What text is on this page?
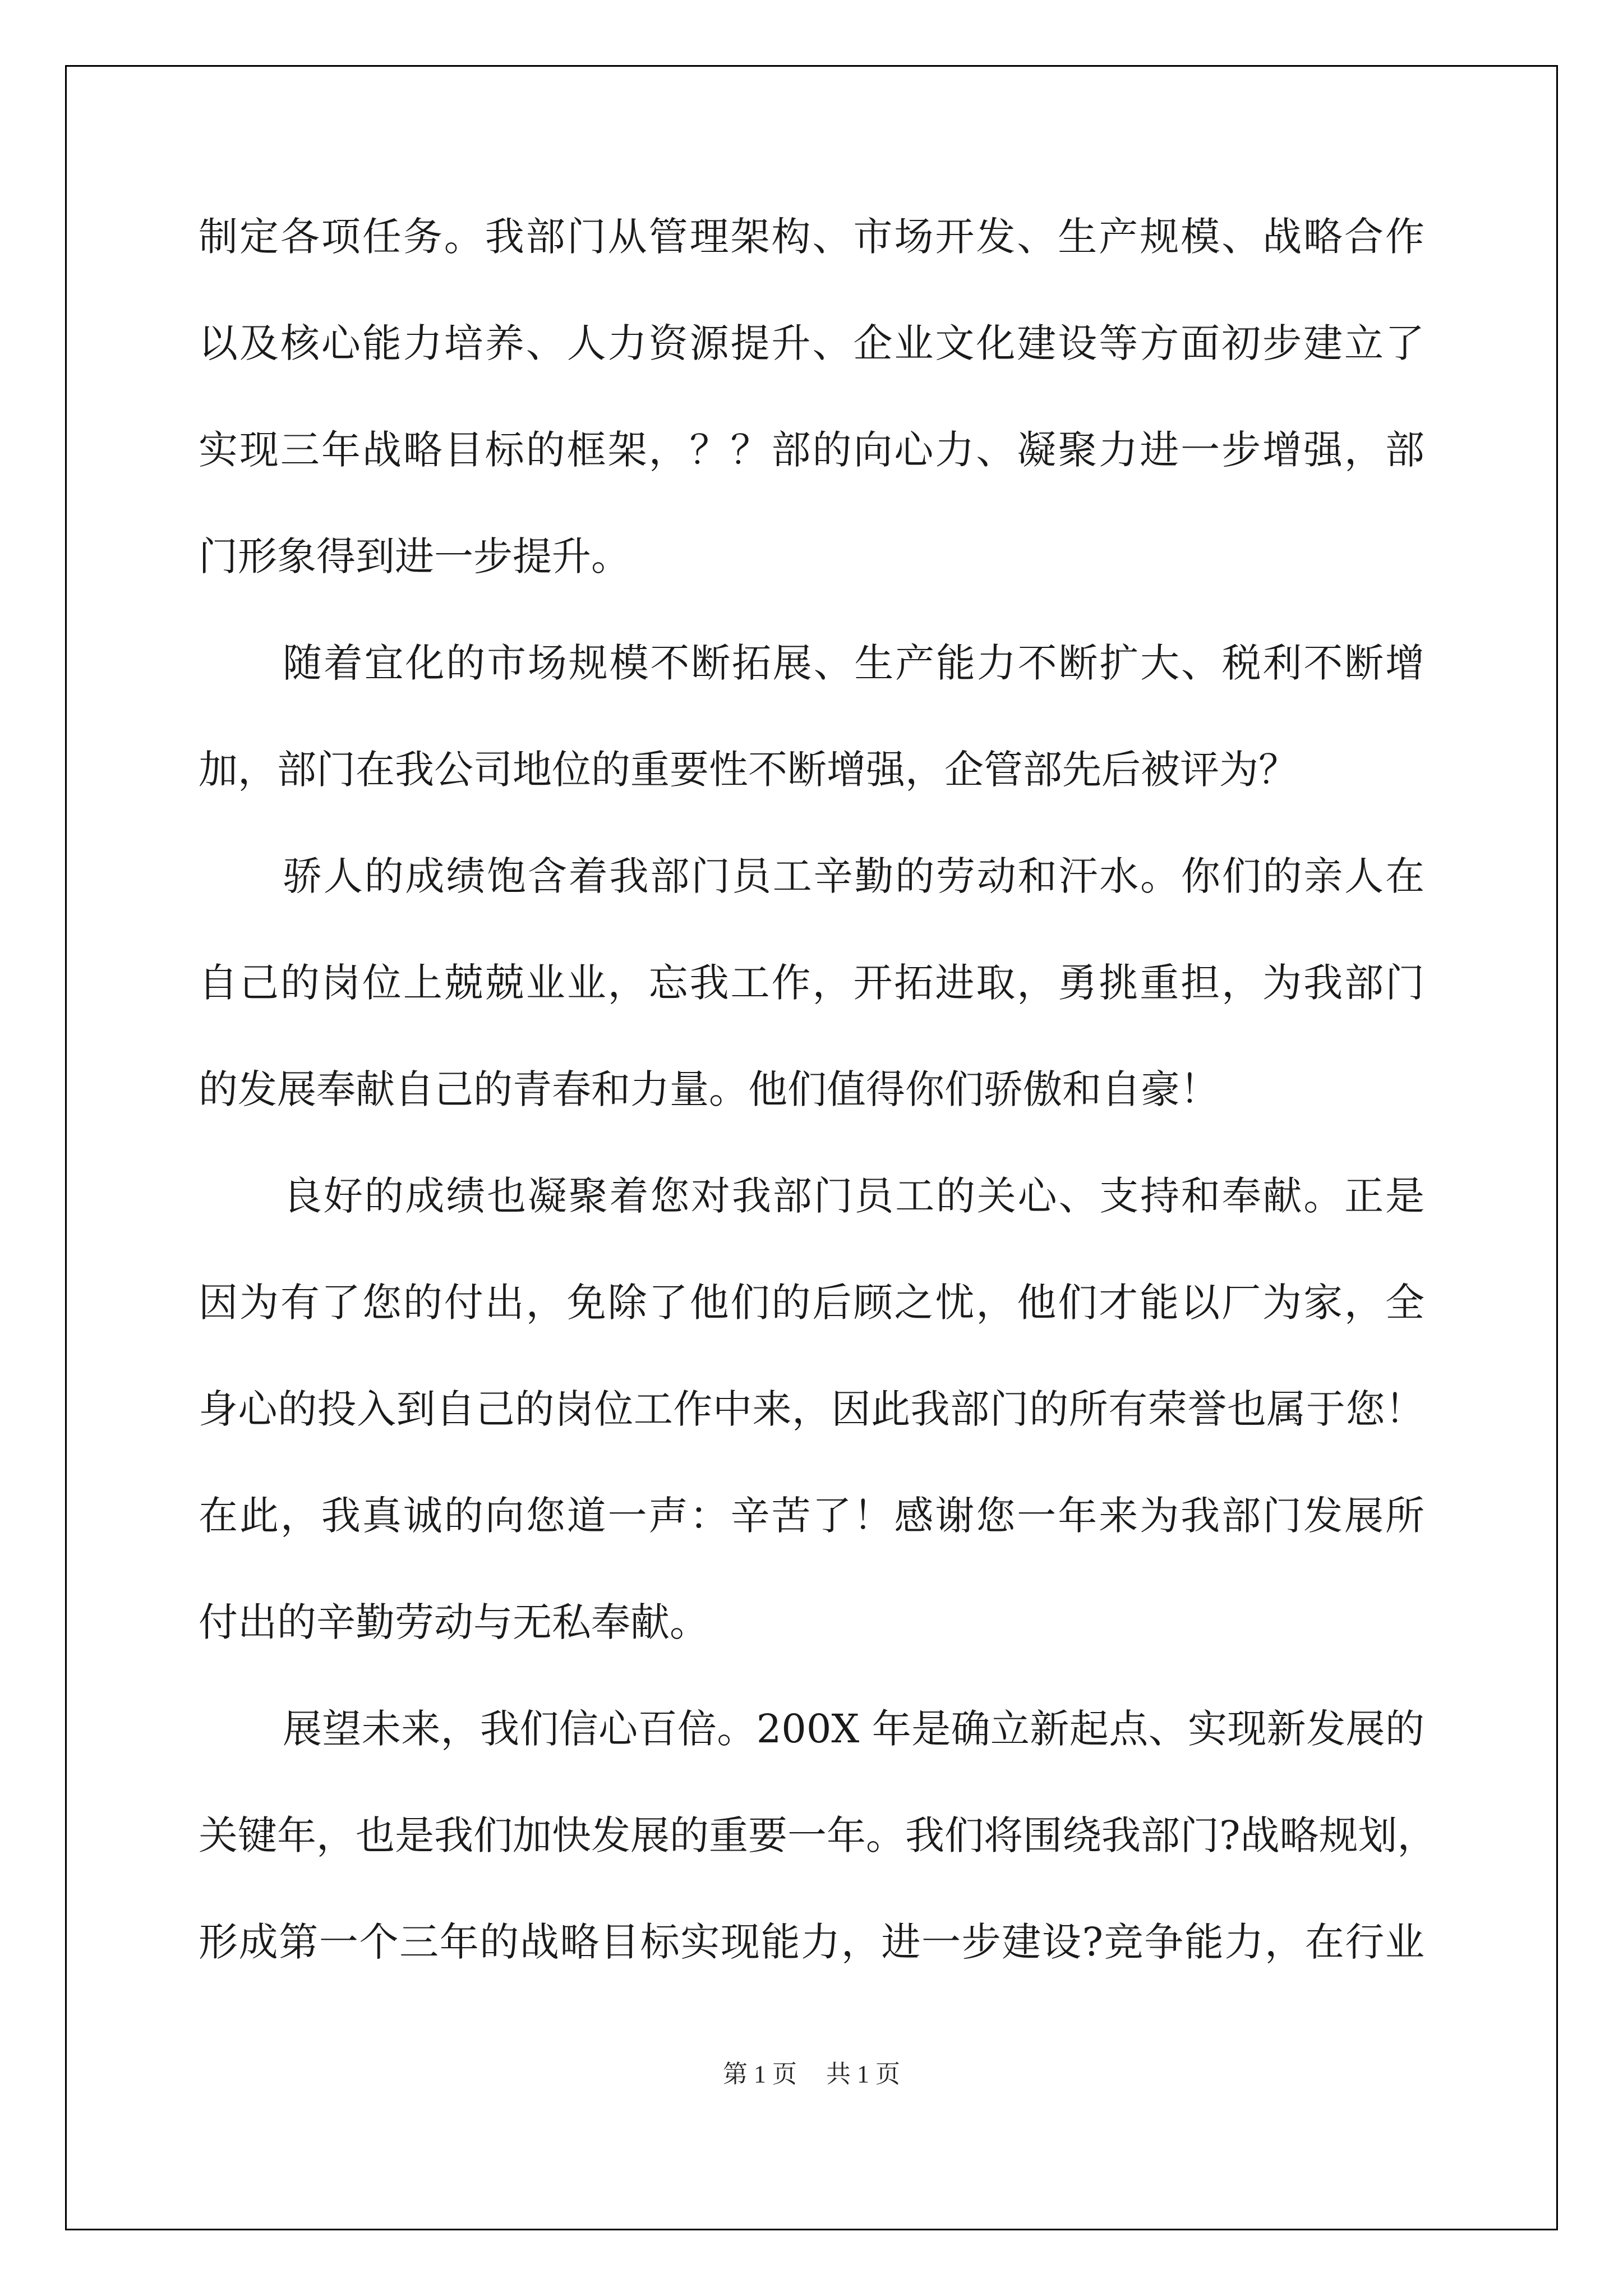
制定各项任务。我部门从管理架构、市场开发、生产规模、战略合作
以及核心能力培养、人力资源提升、企业文化建设等方面初步建立了
实现三年战略目标的框架，？？部的向心力、凝聚力进一步增强，部
门形象得到进一步提升。
随着宜化的市场规模不断拓展、生产能力不断扩大、税利不断增
加，部门在我公司地位的重要性不断增强，企管部先后被评为？
骄人的成绩饱含着我部门员工辛勤的劳动和汗水。你们的亲人在
自己的岗位上兢兢业业，忘我工作，开拓进取，勇挑重担，为我部门
的发展奉献自己的青春和力量。他们值得你们骄傲和自豪！
良好的成绩也凝聚着您对我部门员工的关心、支持和奉献。正是
因为有了您的付出，免除了他们的后顾之忧，他们才能以厂为家，全
身心的投入到自己的岗位工作中来，因此我部门的所有荣誉也属于您！
在此，我真诚的向您道一声：辛苦了！感谢您一年来为我部门发展所
付出的辛勤劳动与无私奉献。
展望未来，我们信心百倍。200X 年是确立新起点、实现新发展的
关键年，也是我们加快发展的重要一年。我们将围绕我部门?战略规划，
形成第一个三年的战略目标实现能力，进一步建设?竞争能力，在行业
第 1 页 共 1 页
